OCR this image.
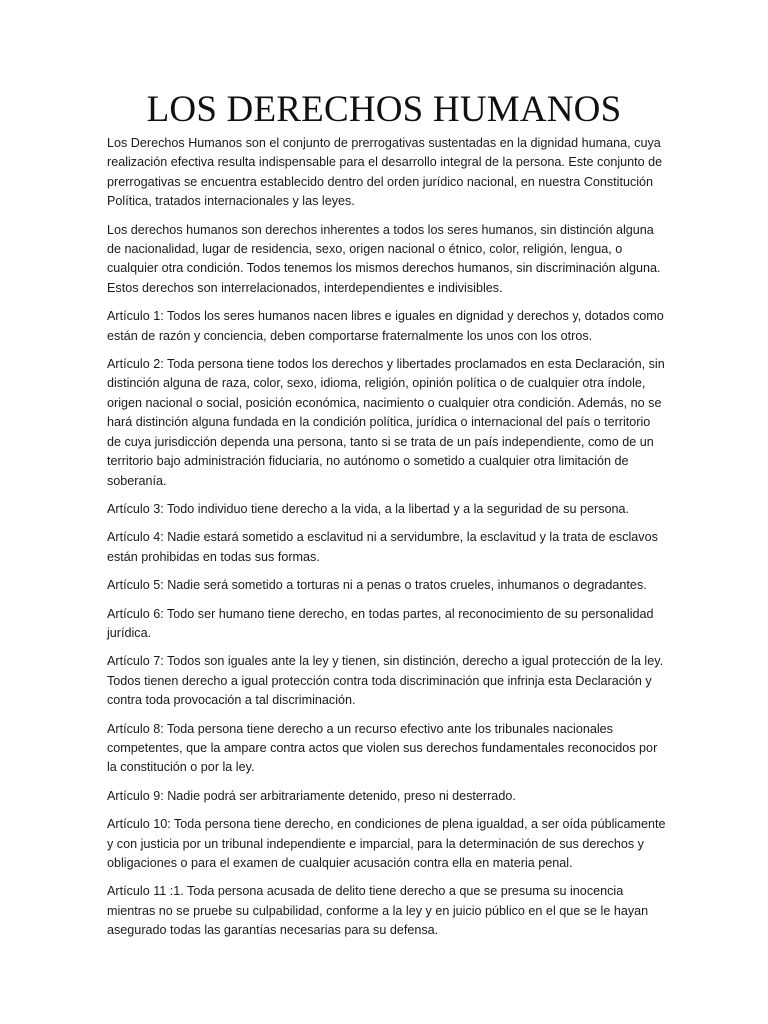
LOS DERECHOS HUMANOS

Los Derechos Humanos son el conjunto de prerrogativas sustentadas en la dignidad humana, cuya realización efectiva resulta indispensable para el desarrollo integral de la persona. Este conjunto de prerrogativas se encuentra establecido dentro del orden jurídico nacional, en nuestra Constitución Política, tratados internacionales y las leyes.

Los derechos humanos son derechos inherentes a todos los seres humanos, sin distinción alguna de nacionalidad, lugar de residencia, sexo, origen nacional o étnico, color, religión, lengua, o cualquier otra condición. Todos tenemos los mismos derechos humanos, sin discriminación alguna. Estos derechos son interrelacionados, interdependientes e indivisibles.

Artículo 1: Todos los seres humanos nacen libres e iguales en dignidad y derechos y, dotados como están de razón y conciencia, deben comportarse fraternalmente los unos con los otros.

Artículo 2: Toda persona tiene todos los derechos y libertades proclamados en esta Declaración, sin distinción alguna de raza, color, sexo, idioma, religión, opinión política o de cualquier otra índole, origen nacional o social, posición económica, nacimiento o cualquier otra condición. Además, no se hará distinción alguna fundada en la condición política, jurídica o internacional del país o territorio de cuya jurisdicción dependa una persona, tanto si se trata de un país independiente, como de un territorio bajo administración fiduciaria, no autónomo o sometido a cualquier otra limitación de soberanía.

Artículo 3: Todo individuo tiene derecho a la vida, a la libertad y a la seguridad de su persona.

Artículo 4: Nadie estará sometido a esclavitud ni a servidumbre, la esclavitud y la trata de esclavos están prohibidas en todas sus formas.

Artículo 5: Nadie será sometido a torturas ni a penas o tratos crueles, inhumanos o degradantes.

Artículo 6: Todo ser humano tiene derecho, en todas partes, al reconocimiento de su personalidad jurídica.

Artículo 7: Todos son iguales ante la ley y tienen, sin distinción, derecho a igual protección de la ley. Todos tienen derecho a igual protección contra toda discriminación que infrinja esta Declaración y contra toda provocación a tal discriminación.

Artículo 8: Toda persona tiene derecho a un recurso efectivo ante los tribunales nacionales competentes, que la ampare contra actos que violen sus derechos fundamentales reconocidos por la constitución o por la ley.

Artículo 9: Nadie podrá ser arbitrariamente detenido, preso ni desterrado.

Artículo 10: Toda persona tiene derecho, en condiciones de plena igualdad, a ser oída públicamente y con justicia por un tribunal independiente e imparcial, para la determinación de sus derechos y obligaciones o para el examen de cualquier acusación contra ella en materia penal.

Artículo 11 :1. Toda persona acusada de delito tiene derecho a que se presuma su inocencia mientras no se pruebe su culpabilidad, conforme a la ley y en juicio público en el que se le hayan asegurado todas las garantías necesarias para su defensa.
